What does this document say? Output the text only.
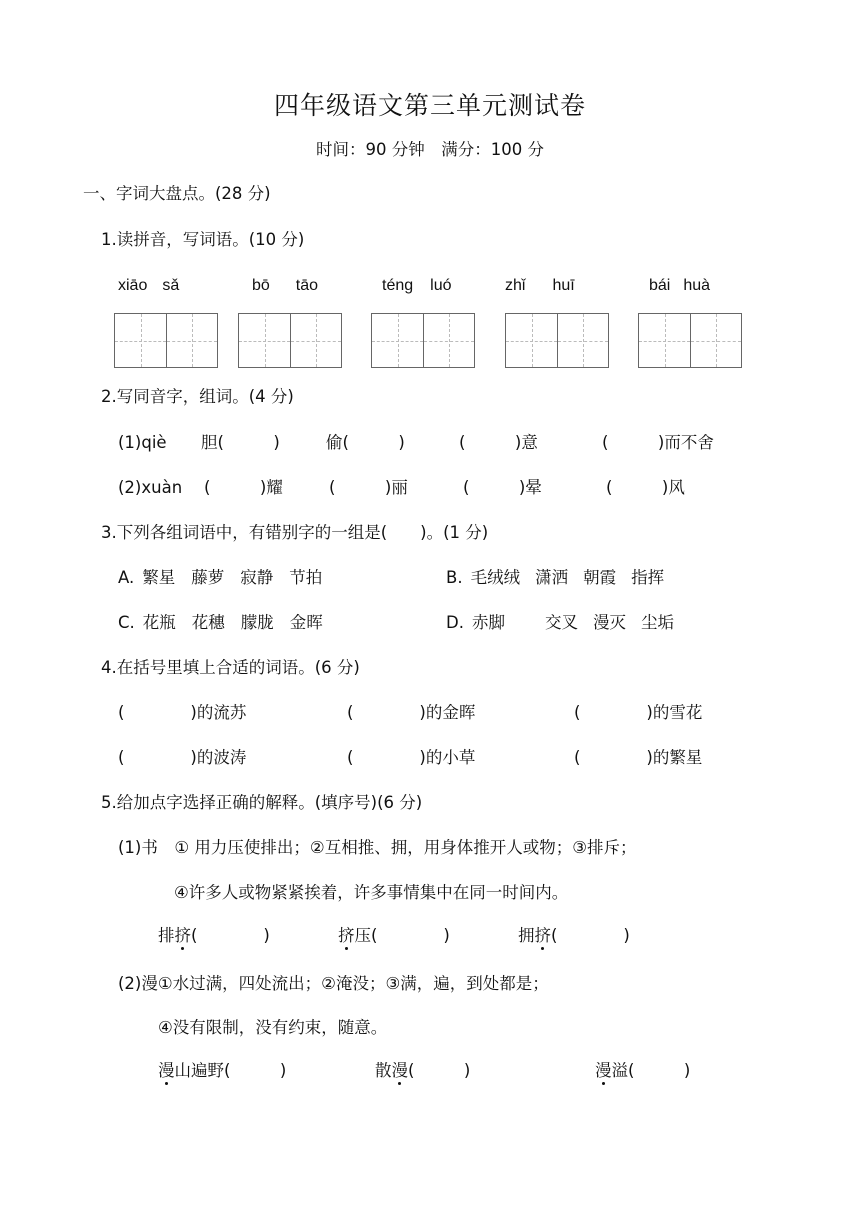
四年级语文第三单元测试卷
时间：90 分钟　满分：100 分
一、字词大盘点。(28 分)
1.读拼音，写词语。(10 分)
xiāo sǎ	bō tāo	téng luó	zhǐ huī	bái huà
2.写同音字，组词。(4 分)
(1)qiè 胆(　　　)	偷(　　　)	(　　　)意	(　　　)而不舍
(2)xuàn (　　　)耀	(　　　)丽	(　　　)晕	(　　　)风
3.下列各组词语中，有错别字的一组是(　　)。(1 分)
A. 繁星 藤萝 寂静 节拍	B. 毛绒绒 潇洒 朝霞 指挥
C. 花瓶 花穗 朦胧 金晖	D. 赤脚 交叉 漫灭 尘垢
4.在括号里填上合适的词语。(6 分)
(　　　　)的流苏	(　　　　)的金晖	(　　　　)的雪花
(　　　　)的波涛	(　　　　)的小草	(　　　　)的繁星
5.给加点字选择正确的解释。(填序号)(6 分)
(1)书　① 用力压使排出；②互相推、拥，用身体推开人或物；③排斥；
④许多人或物紧紧挨着，许多事情集中在同一时间内。
排挤(　　　　)	挤压(　　　　)	拥挤(　　　　)
(2)漫①水过满，四处流出；②淹没；③满，遍，到处都是；
④没有限制，没有约束，随意。
漫山遍野(　　　)	散漫(　　　)	漫溢(　　　)
